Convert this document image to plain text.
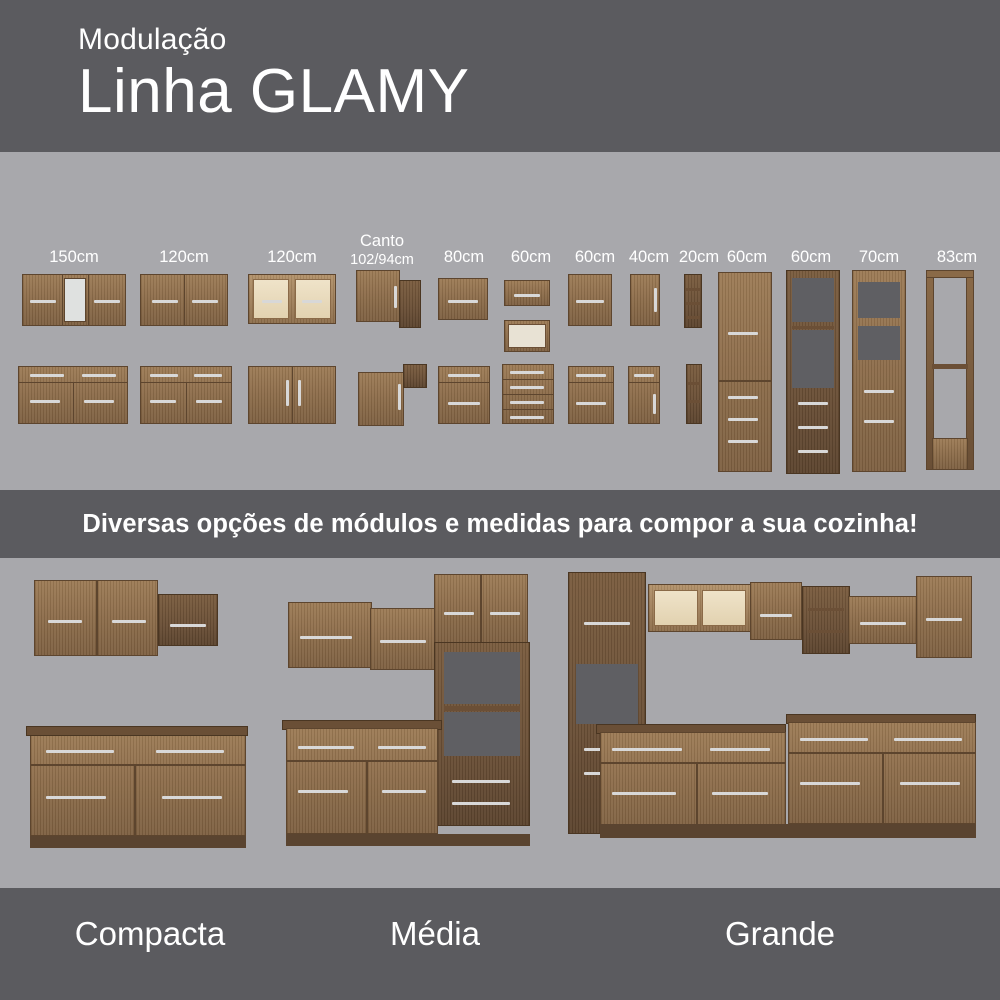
Modulação
Linha GLAMY
150cm	120cm	120cm
Canto
102/94cm	80cm	60cm	60cm 40cm 20cm 60cm	60cm	70cm	83cm
Diversas opções de módulos e medidas para compor a sua cozinha!
Compacta	Média	Grande
